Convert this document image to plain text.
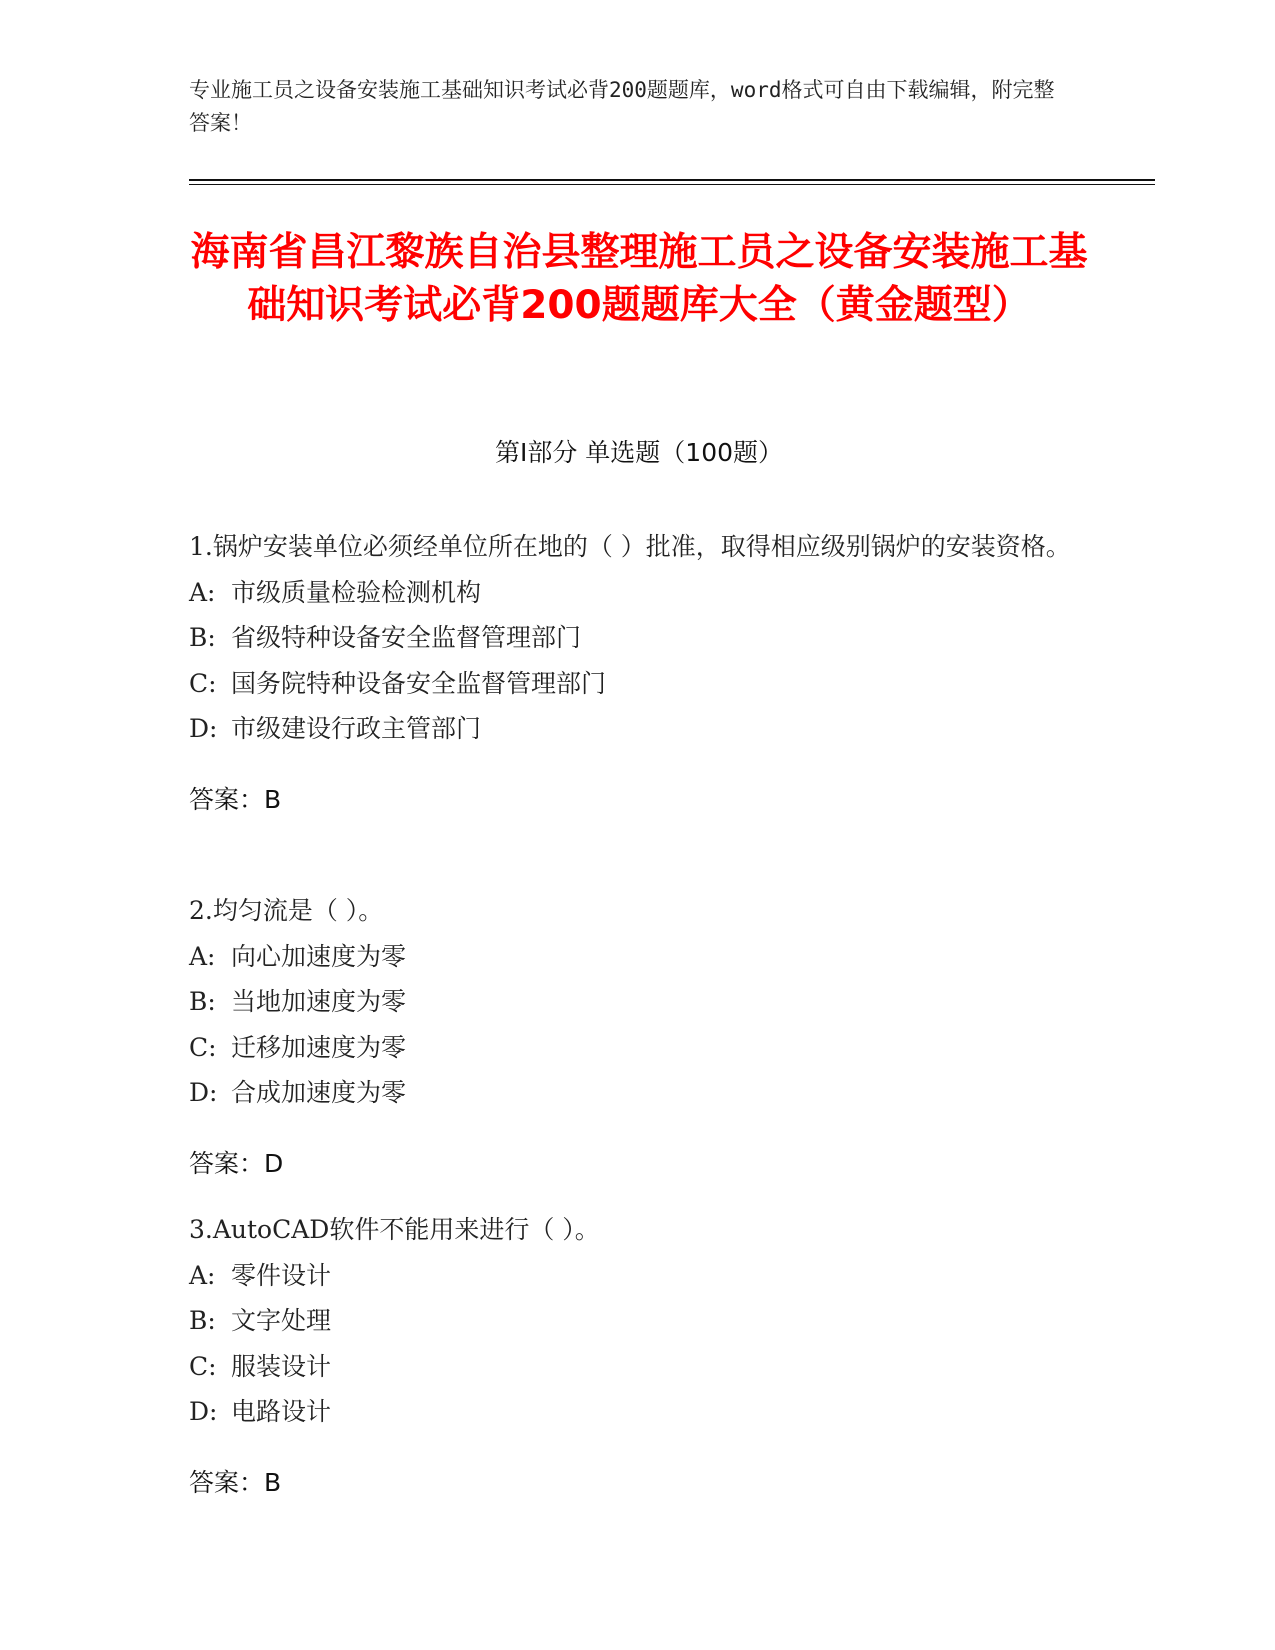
专业施工员之设备安装施工基础知识考试必背200题题库，word格式可自由下载编辑，附完整答案！
海南省昌江黎族自治县整理施工员之设备安装施工基础知识考试必背200题题库大全（黄金题型）
第I部分 单选题（100题）

1.锅炉安装单位必须经单位所在地的（ ）批准，取得相应级别锅炉的安装资格。

A: 市级质量检验检测机构

B: 省级特种设备安全监督管理部门

C: 国务院特种设备安全监督管理部门

D: 市级建设行政主管部门

答案：B

2.均匀流是（ ）。

A: 向心加速度为零

B: 当地加速度为零

C: 迁移加速度为零

D: 合成加速度为零

答案：D

3.AutoCAD软件不能用来进行（ ）。

A: 零件设计

B: 文字处理

C: 服装设计

D: 电路设计

答案：B
